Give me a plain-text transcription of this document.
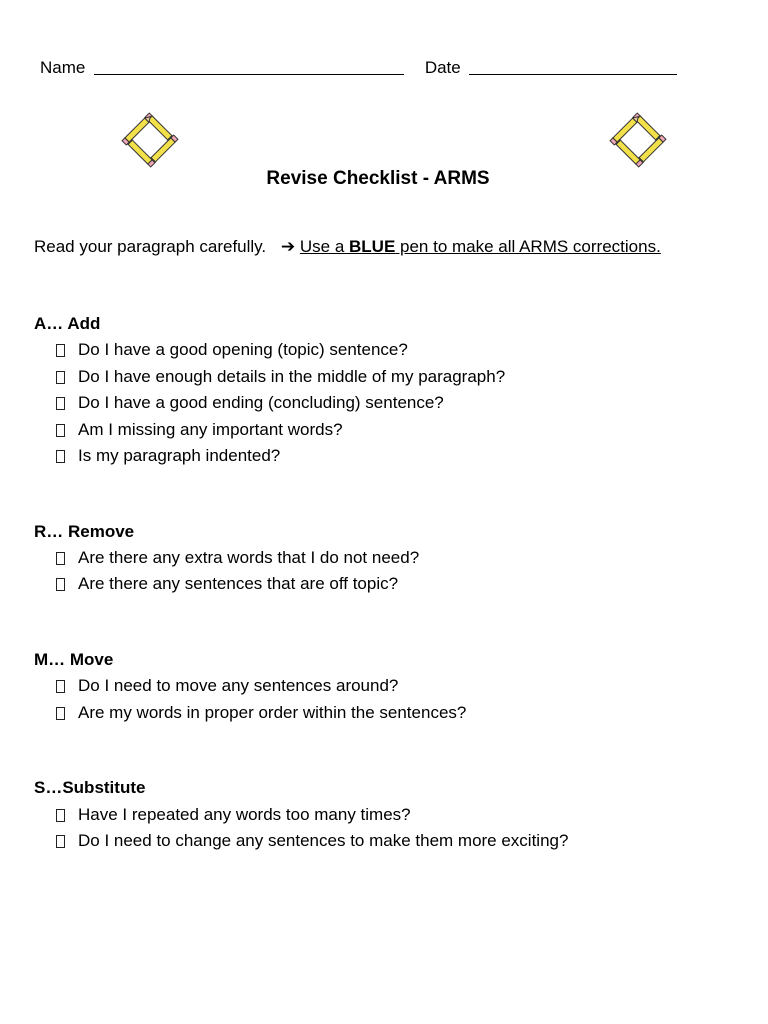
Name	Date
Revise Checklist - ARMS
Read your paragraph carefully. ➔ Use a BLUE pen to make all ARMS corrections.
A… Add
Do I have a good opening (topic) sentence?
Do I have enough details in the middle of my paragraph?
Do I have a good ending (concluding) sentence?
Am I missing any important words?
Is my paragraph indented?
R… Remove
Are there any extra words that I do not need?
Are there any sentences that are off topic?
M… Move
Do I need to move any sentences around?
Are my words in proper order within the sentences?
S…Substitute
Have I repeated any words too many times?
Do I need to change any sentences to make them more exciting?
